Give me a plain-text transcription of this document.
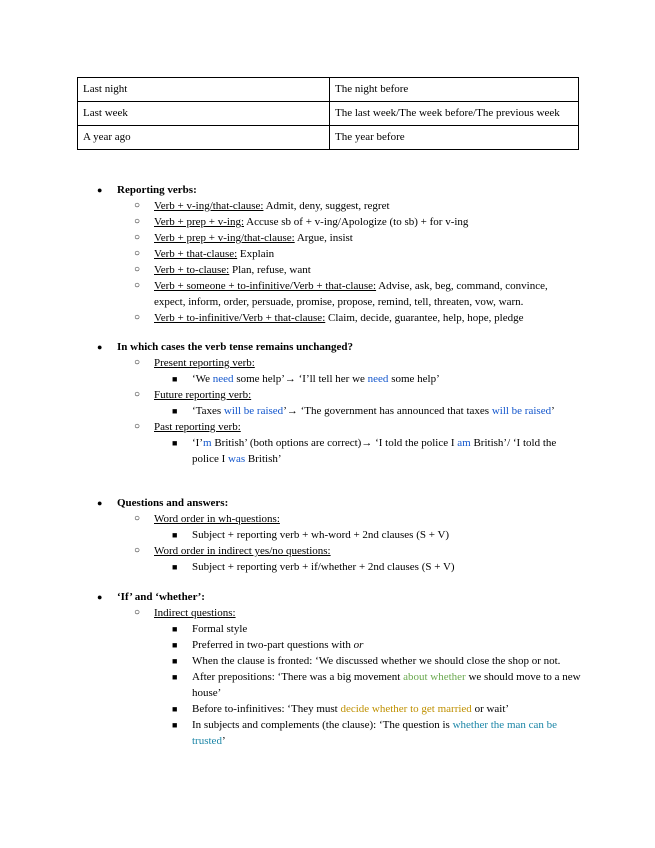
Last night	The night before
Last week	The last week/The week before/The previous week
A year ago	The year before
● Reporting verbs:
○ Verb + v-ing/that-clause: Admit, deny, suggest, regret
○ Verb + prep + v-ing: Accuse sb of + v-ing/Apologize (to sb) + for v-ing
○ Verb + prep + v-ing/that-clause: Argue, insist
○ Verb + that-clause: Explain
○ Verb + to-clause: Plan, refuse, want
○ Verb + someone + to-infinitive/Verb + that-clause: Advise, ask, beg, command, convince, expect, inform, order, persuade, promise, propose, remind, tell, threaten, vow, warn.
○ Verb + to-infinitive/Verb + that-clause: Claim, decide, guarantee, help, hope, pledge
● In which cases the verb tense remains unchanged?
○ Present reporting verb:
■ ‘We need some help’→ ‘I’ll tell her we need some help’
○ Future reporting verb:
■ ‘Taxes will be raised’→ ‘The government has announced that taxes will be raised’
○ Past reporting verb:
■ ‘I’m British’ (both options are correct)→ ‘I told the police I am British’/ ‘I told the police I was British’
● Questions and answers:
○ Word order in wh-questions:
■ Subject + reporting verb + wh-word + 2nd clauses (S + V)
○ Word order in indirect yes/no questions:
■ Subject + reporting verb + if/whether + 2nd clauses (S + V)
● ‘If’ and ‘whether’:
○ Indirect questions:
■ Formal style
■ Preferred in two-part questions with or
■ When the clause is fronted: ‘We discussed whether we should close the shop or not.
■ After prepositions: ‘There was a big movement about whether we should move to a new house’
■ Before to-infinitives: ‘They must decide whether to get married or wait’
■ In subjects and complements (the clause): ‘The question is whether the man can be trusted’
